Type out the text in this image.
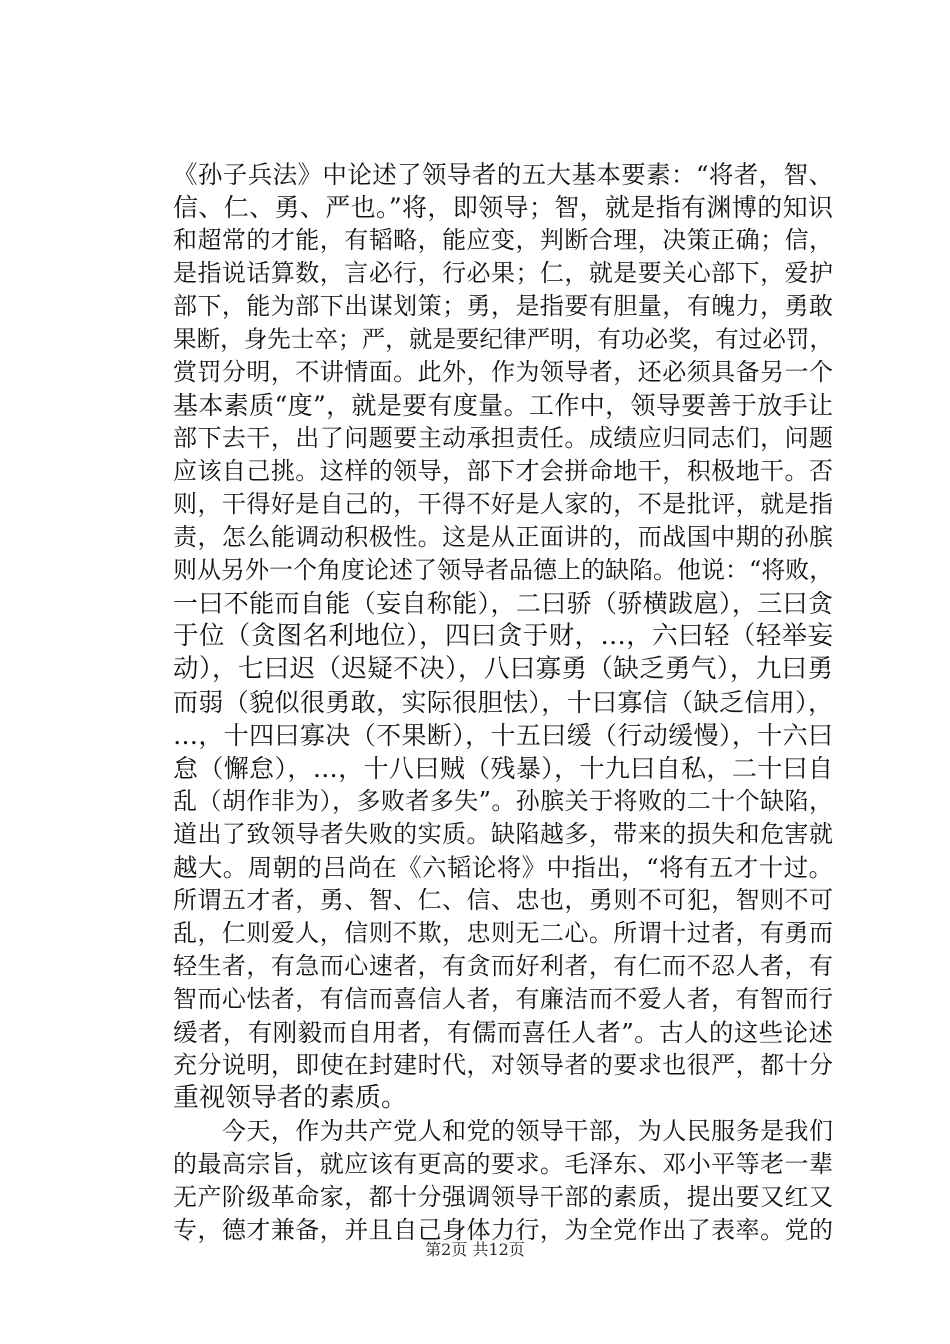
《孙子兵法》中论述了领导者的五大基本要素：“将者，智、
信、仁、勇、严也。”将，即领导；智，就是指有渊博的知识
和超常的才能，有韬略，能应变，判断合理，决策正确；信，
是指说话算数，言必行，行必果；仁，就是要关心部下，爱护
部下，能为部下出谋划策；勇，是指要有胆量，有魄力，勇敢
果断，身先士卒；严，就是要纪律严明，有功必奖，有过必罚，
赏罚分明，不讲情面。此外，作为领导者，还必须具备另一个
基本素质“度”，就是要有度量。工作中，领导要善于放手让
部下去干，出了问题要主动承担责任。成绩应归同志们，问题
应该自己挑。这样的领导，部下才会拼命地干，积极地干。否
则，干得好是自己的，干得不好是人家的，不是批评，就是指
责，怎么能调动积极性。这是从正面讲的，而战国中期的孙膑
则从另外一个角度论述了领导者品德上的缺陷。他说：“将败，
一曰不能而自能（妄自称能），二曰骄（骄横跋扈），三曰贪
于位（贪图名利地位），四曰贪于财，…，六曰轻（轻举妄
动），七曰迟（迟疑不决），八曰寡勇（缺乏勇气），九曰勇
而弱（貌似很勇敢，实际很胆怯），十曰寡信（缺乏信用），
…，十四曰寡决（不果断），十五曰缓（行动缓慢），十六曰
怠（懈怠），…，十八曰贼（残暴），十九曰自私，二十曰自
乱（胡作非为），多败者多失”。孙膑关于将败的二十个缺陷，
道出了致领导者失败的实质。缺陷越多，带来的损失和危害就
越大。周朝的吕尚在《六韬论将》中指出，“将有五才十过。
所谓五才者，勇、智、仁、信、忠也，勇则不可犯，智则不可
乱，仁则爱人，信则不欺，忠则无二心。所谓十过者，有勇而
轻生者，有急而心速者，有贪而好利者，有仁而不忍人者，有
智而心怯者，有信而喜信人者，有廉洁而不爱人者，有智而行
缓者，有刚毅而自用者，有儒而喜任人者”。古人的这些论述
充分说明，即使在封建时代，对领导者的要求也很严，都十分
重视领导者的素质。
　　今天，作为共产党人和党的领导干部，为人民服务是我们
的最高宗旨，就应该有更高的要求。毛泽东、邓小平等老一辈
无产阶级革命家，都十分强调领导干部的素质，提出要又红又
专，德才兼备，并且自己身体力行，为全党作出了表率。党的
第2页 共12页
